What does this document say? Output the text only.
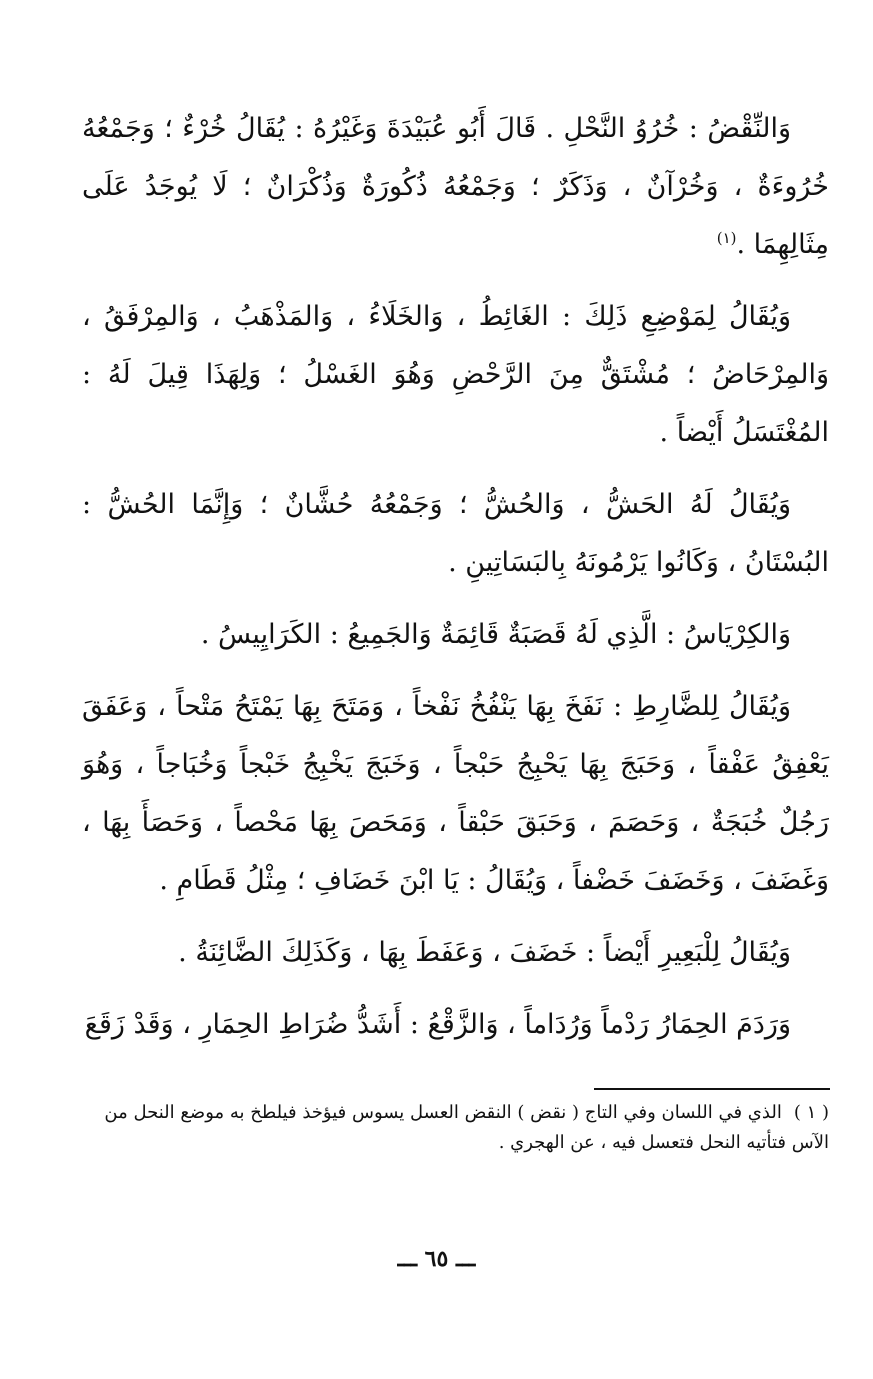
وَالنِّقْضُ : خُرُوُ النَّحْلِ . قَالَ أَبُو عُبَيْدَةَ وَغَيْرُهُ : يُقَالُ خُرْءٌ ؛ وَجَمْعُهُ خُرُوءَةٌ ، وَخُرْآنٌ ، وَذَكَرٌ ؛ وَجَمْعُهُ ذُكُورَةٌ وَذُكْرَانٌ ؛ لَا يُوجَدُ عَلَى مِثَالِهِمَا .$^{(١)}$

وَيُقَالُ لِمَوْضِعِ ذَلِكَ : الغَائِطُ ، وَالخَلَاءُ ، وَالمَذْهَبُ ، وَالمِرْفَقُ ، وَالمِرْحَاضُ ؛ مُشْتَقٌّ مِنَ الرَّحْضِ وَهُوَ الغَسْلُ ؛ وَلِهَذَا قِيلَ لَهُ : المُغْتَسَلُ أَيْضاً .

وَيُقَالُ لَهُ الحَشُّ ، وَالحُشُّ ؛ وَجَمْعُهُ حُشَّانٌ ؛ وَإِنَّمَا الحُشُّ : البُسْتَانُ ، وَكَانُوا يَرْمُونَهُ بِالبَسَاتِينِ .

وَالكِرْيَاسُ : الَّذِي لَهُ قَصَبَةٌ قَائِمَةٌ وَالجَمِيعُ : الكَرَايِيسُ .

وَيُقَالُ لِلضَّارِطِ : نَفَخَ بِهَا يَنْفُخُ نَفْخاً ، وَمَتَحَ بِهَا يَمْتَحُ مَتْحاً ، وَعَفَقَ يَعْفِقُ عَفْقاً ، وَحَبَجَ بِهَا يَحْبِجُ حَبْجاً ، وَخَبَجَ يَخْبِجُ خَبْجاً وَخُبَاجاً ، وَهُوَ رَجُلٌ خُبَجَةٌ ، وَحَصَمَ ، وَحَبَقَ حَبْقاً ، وَمَحَصَ بِهَا مَحْصاً ، وَحَصَأَ بِهَا ، وَغَضَفَ ، وَخَضَفَ خَضْفاً ، وَيُقَالُ : يَا ابْنَ خَضَافِ ؛ مِثْلُ قَطَامِ .

وَيُقَالُ لِلْبَعِيرِ أَيْضاً : خَضَفَ ، وَعَفَطَ بِهَا ، وَكَذَلِكَ الضَّائِنَةُ .

وَرَدَمَ الحِمَارُ رَدْماً وَرُدَاماً ، وَالزَّقْعُ : أَشَدُّ ضُرَاطِ الحِمَارِ ، وَقَدْ زَقَعَ

( ١ )الذي في اللسان وفي التاج ( نقض ) النقض العسل يسوس فيؤخذ فيلطخ به موضع النحل من الآس فتأتيه النحل فتعسل فيه ، عن الهجري .
ـــ ٦٥ ـــ
